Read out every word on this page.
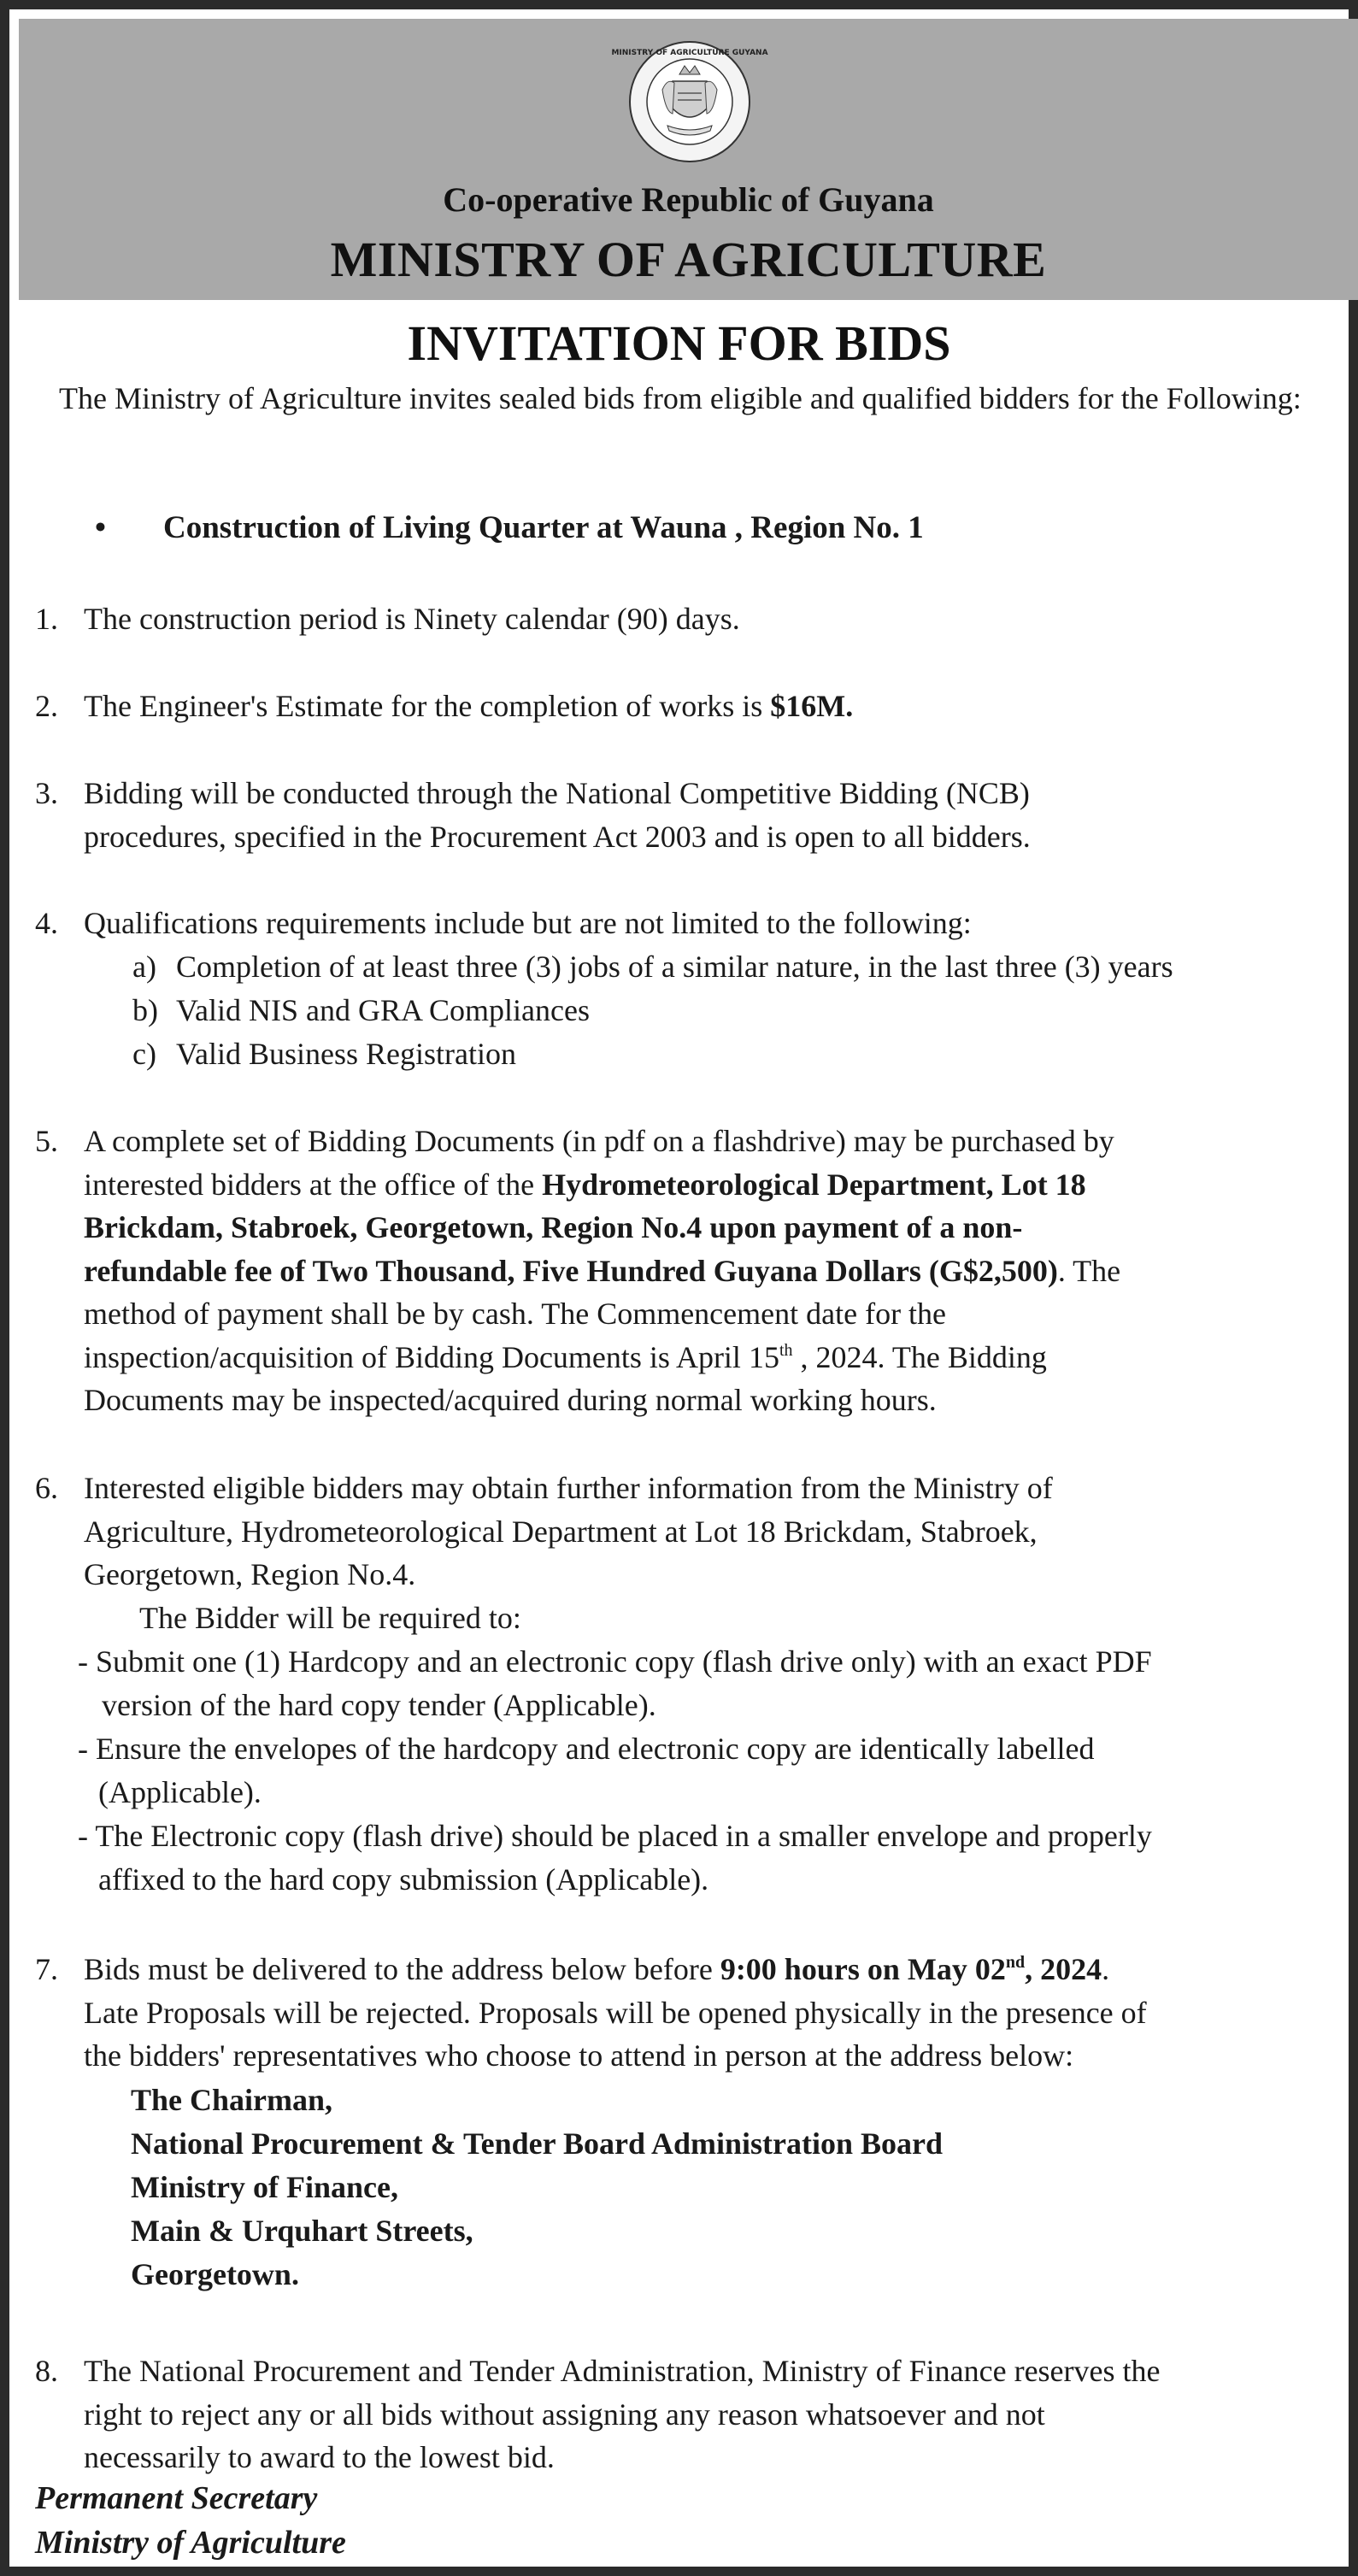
MINISTRY OF AGRICULTURE GUYANA
Co-operative Republic of Guyana
MINISTRY OF AGRICULTURE
INVITATION FOR BIDS
The Ministry of Agriculture invites sealed bids from eligible and qualified bidders for the Following:
• Construction of Living Quarter at Wauna , Region No. 1
1. The construction period is Ninety calendar (90) days.
2. The Engineer's Estimate for the completion of works is $16M.
3. Bidding will be conducted through the National Competitive Bidding (NCB)
procedures, specified in the Procurement Act 2003 and is open to all bidders.
4. Qualifications requirements include but are not limited to the following:
a) Completion of at least three (3) jobs of a similar nature, in the last three (3) years
b) Valid NIS and GRA Compliances
c) Valid Business Registration
5. A complete set of Bidding Documents (in pdf on a flashdrive) may be purchased by
interested bidders at the office of the Hydrometeorological Department, Lot 18
Brickdam, Stabroek, Georgetown, Region No.4 upon payment of a non-
refundable fee of Two Thousand, Five Hundred Guyana Dollars (G$2,500). The
method of payment shall be by cash. The Commencement date for the
inspection/acquisition of Bidding Documents is April 15th , 2024. The Bidding
Documents may be inspected/acquired during normal working hours.
6. Interested eligible bidders may obtain further information from the Ministry of
Agriculture, Hydrometeorological Department at Lot 18 Brickdam, Stabroek,
Georgetown, Region No.4.
The Bidder will be required to:
- Submit one (1) Hardcopy and an electronic copy (flash drive only) with an exact PDF
version of the hard copy tender (Applicable).
- Ensure the envelopes of the hardcopy and electronic copy are identically labelled
(Applicable).
- The Electronic copy (flash drive) should be placed in a smaller envelope and properly
affixed to the hard copy submission (Applicable).
7. Bids must be delivered to the address below before 9:00 hours on May 02nd, 2024.
Late Proposals will be rejected. Proposals will be opened physically in the presence of
the bidders' representatives who choose to attend in person at the address below:
The Chairman,
National Procurement & Tender Board Administration Board
Ministry of Finance,
Main & Urquhart Streets,
Georgetown.
8. The National Procurement and Tender Administration, Ministry of Finance reserves the
right to reject any or all bids without assigning any reason whatsoever and not
necessarily to award to the lowest bid.
Permanent Secretary
Ministry of Agriculture
